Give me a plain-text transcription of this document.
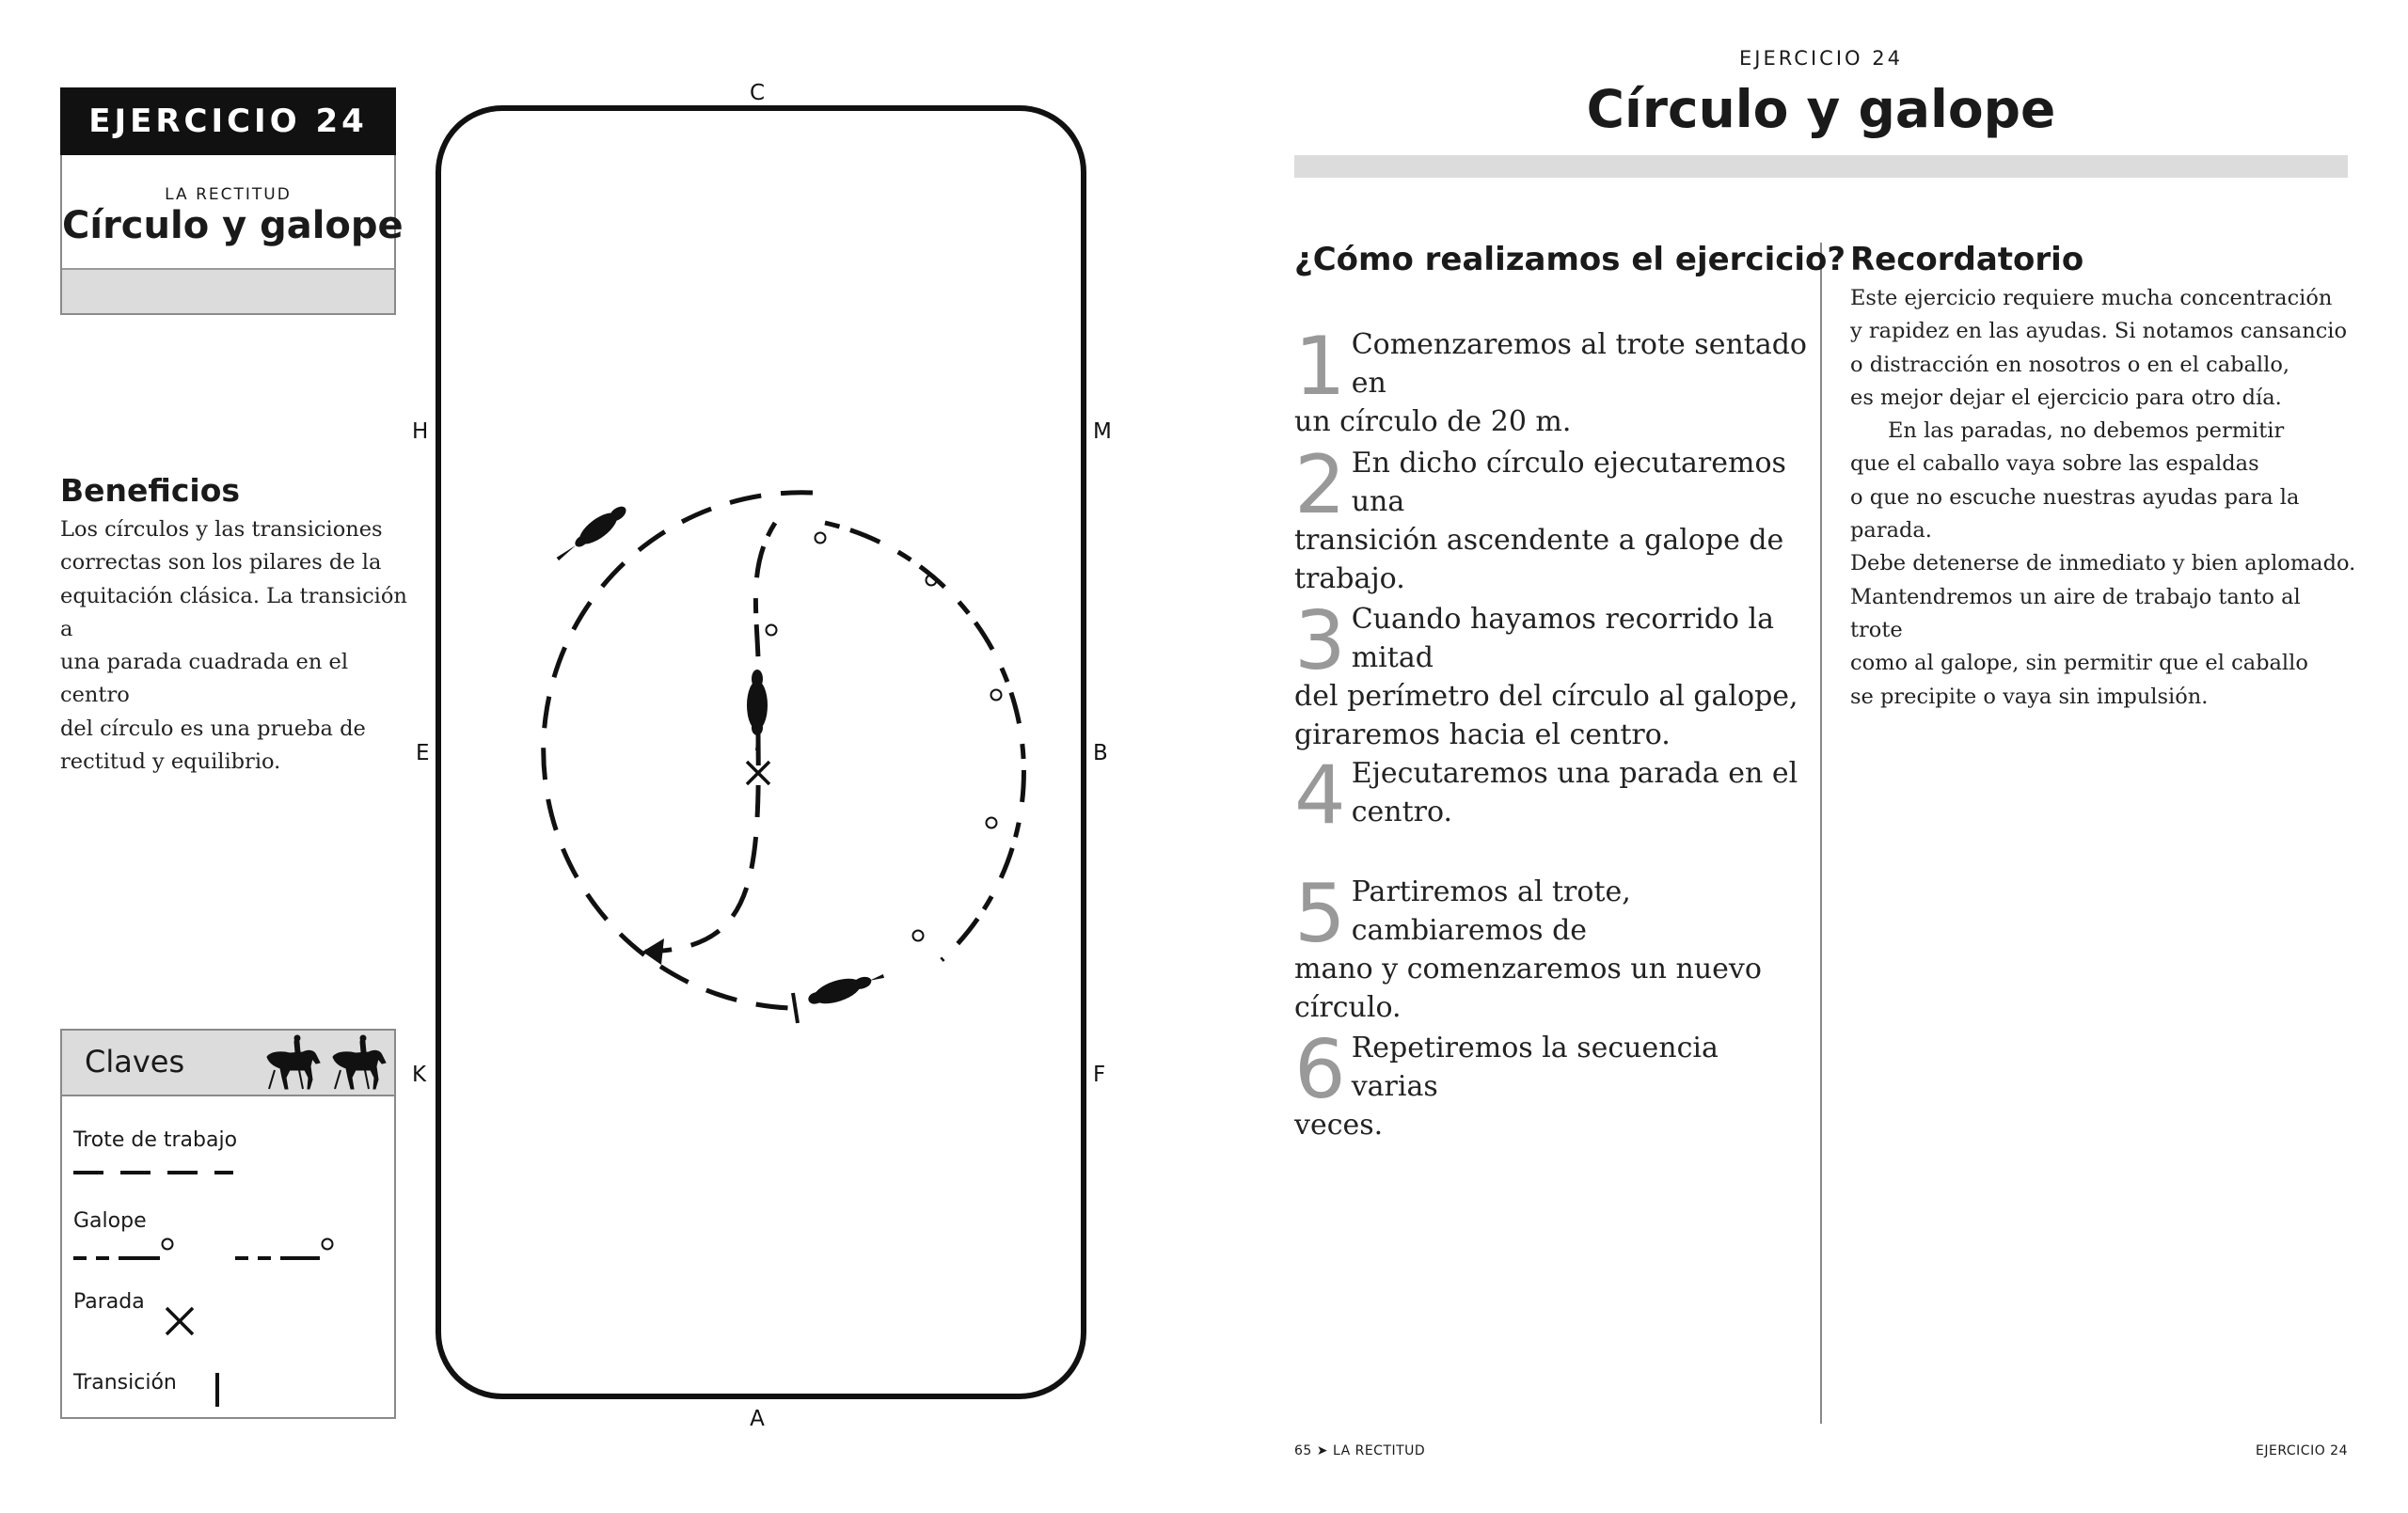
EJERCICIO 24
LA RECTITUD
Círculo y galope
Beneficios
Los círculos y las transiciones
correctas son los pilares de la
equitación clásica. La transición a
una parada cuadrada en el centro
del círculo es una prueba de
rectitud y equilibrio.
Claves
Trote de trabajo
Galope
Parada
Transición
C
A
H
E
K
M
B
F
EJERCICIO 24
Círculo y galope
¿Cómo realizamos el ejercicio?
1 Comenzaremos al trote sentado en
un círculo de 20 m.
2 En dicho círculo ejecutaremos una
transición ascendente a galope de
trabajo.
3 Cuando hayamos recorrido la mitad
del perímetro del círculo al galope,
giraremos hacia el centro.
4 Ejecutaremos una parada en el
centro.
5 Partiremos al trote, cambiaremos de
mano y comenzaremos un nuevo
círculo.
6 Repetiremos la secuencia varias
veces.
Recordatorio

Este ejercicio requiere mucha concentración
y rapidez en las ayudas. Si notamos cansancio
o distracción en nosotros o en el caballo,
es mejor dejar el ejercicio para otro día.

En las paradas, no debemos permitir
que el caballo vaya sobre las espaldas
o que no escuche nuestras ayudas para la parada.
Debe detenerse de inmediato y bien aplomado.
Mantendremos un aire de trabajo tanto al trote
como al galope, sin permitir que el caballo
se precipite o vaya sin impulsión.

65 ➤ LA RECTITUD	EJERCICIO 24
